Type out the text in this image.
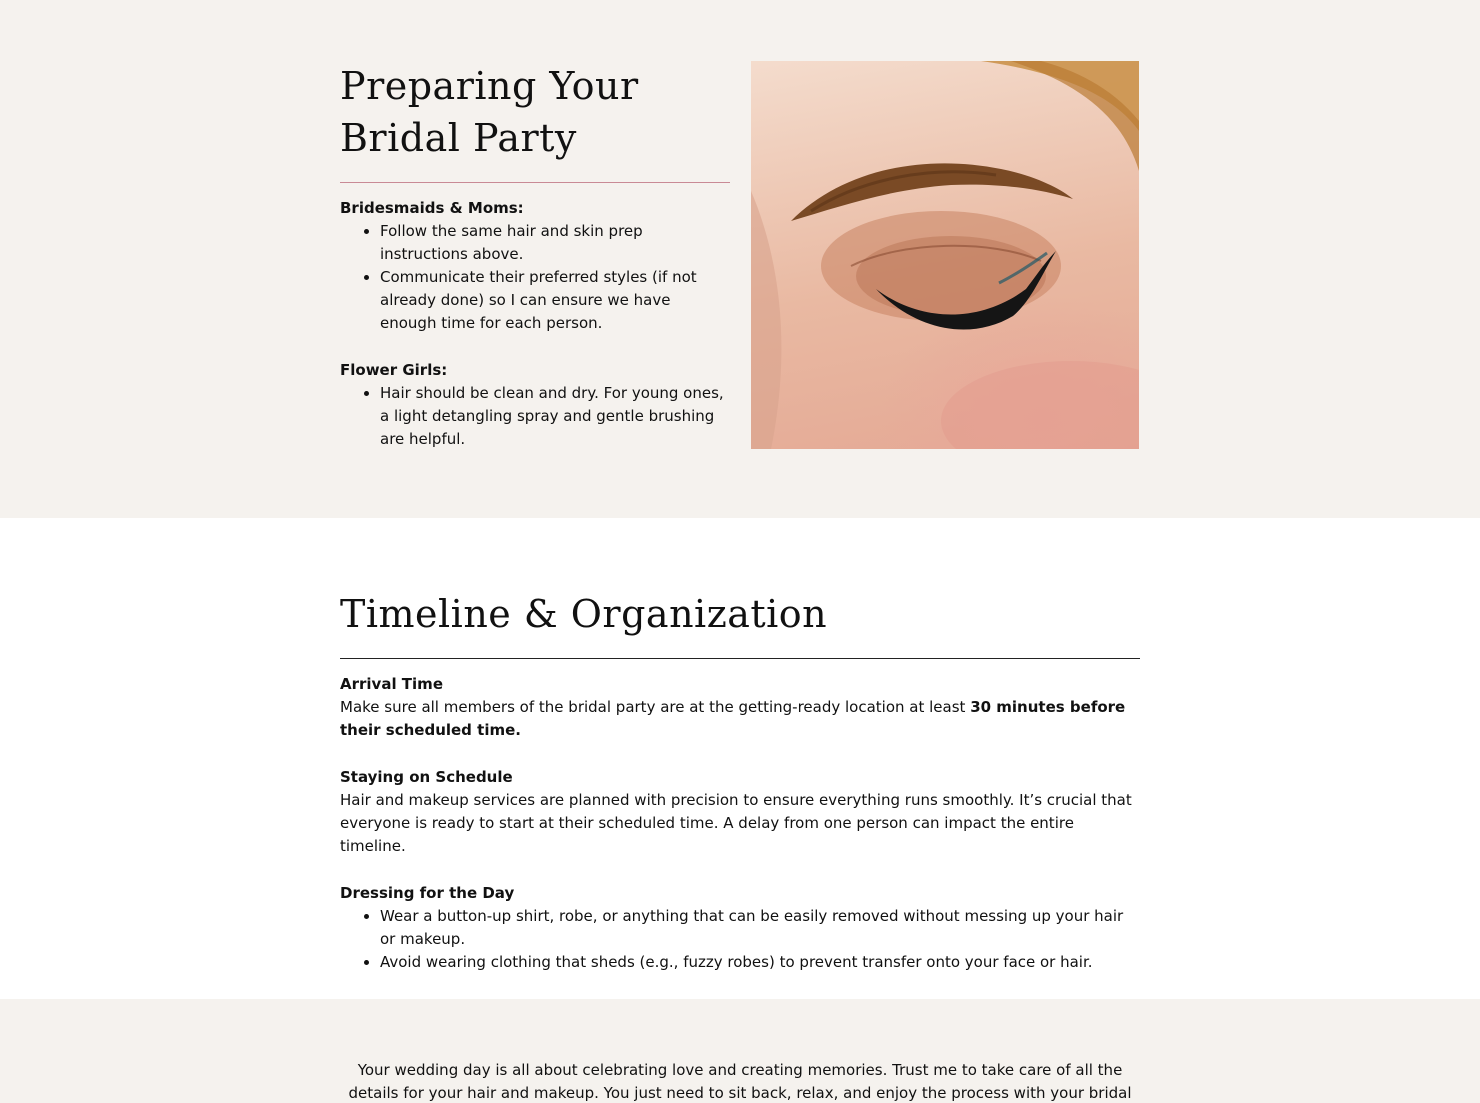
Preparing Your Bridal Party
Bridesmaids & Moms:
• Follow the same hair and skin prep instructions above.
• Communicate their preferred styles (if not already done) so I can ensure we have enough time for each person.
Flower Girls:
• Hair should be clean and dry. For young ones, a light detangling spray and gentle brushing are helpful.
Timeline & Organization
Arrival Time

Make sure all members of the bridal party are at the getting-ready location at least 30 minutes before their scheduled time.

Staying on Schedule

Hair and makeup services are planned with precision to ensure everything runs smoothly. It’s crucial that everyone is ready to start at their scheduled time. A delay from one person can impact the entire timeline.

Dressing for the Day
• Wear a button-up shirt, robe, or anything that can be easily removed without messing up your hair or makeup.
• Avoid wearing clothing that sheds (e.g., fuzzy robes) to prevent transfer onto your face or hair.

Your wedding day is all about celebrating love and creating memories. Trust me to take care of all the details for your hair and makeup. You just need to sit back, relax, and enjoy the process with your bridal
